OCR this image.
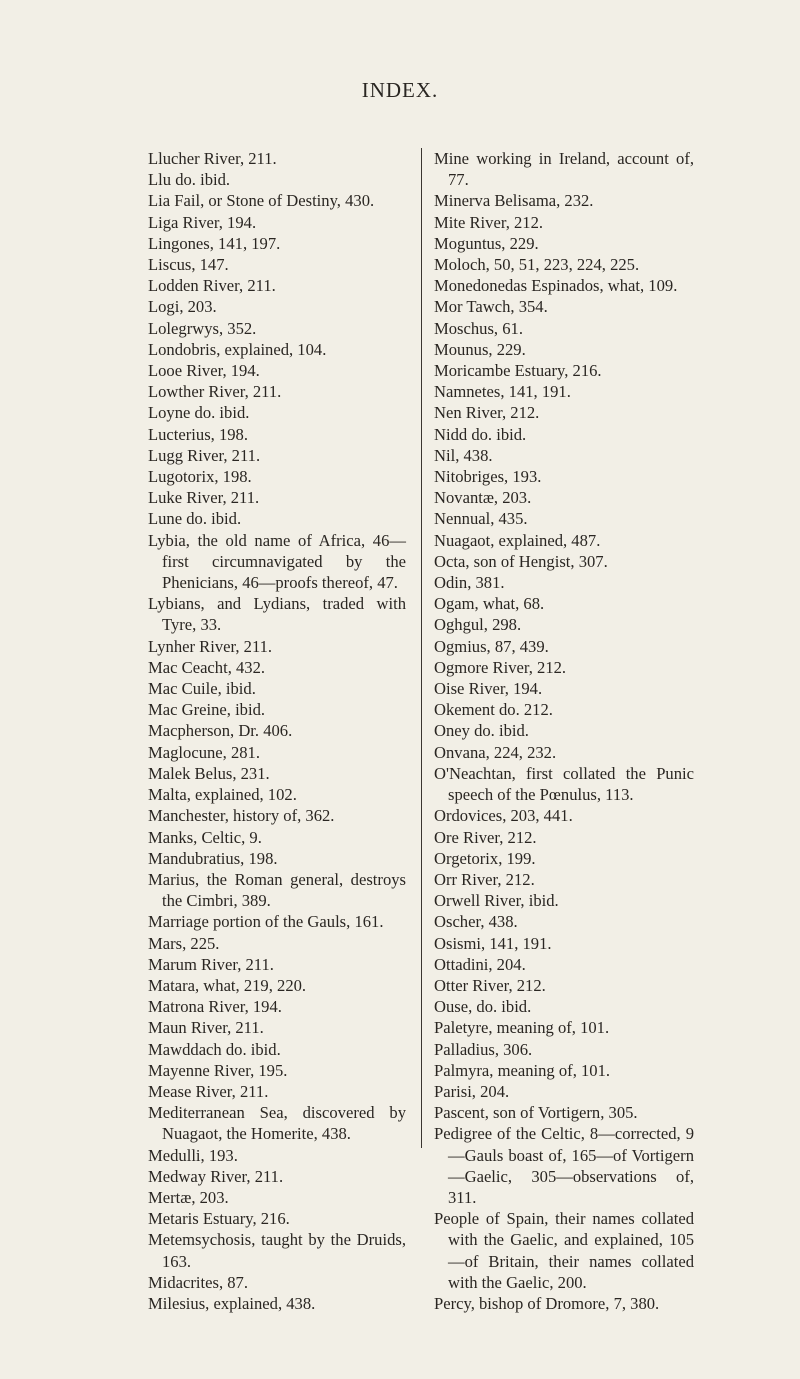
INDEX.
Llucher River, 211.
Llu do. ibid.
Lia Fail, or Stone of Destiny, 430.
Liga River, 194.
Lingones, 141, 197.
Liscus, 147.
Lodden River, 211.
Logi, 203.
Lolegrwys, 352.
Londobris, explained, 104.
Looe River, 194.
Lowther River, 211.
Loyne do. ibid.
Lucterius, 198.
Lugg River, 211.
Lugotorix, 198.
Luke River, 211.
Lune do. ibid.
Lybia, the old name of Africa, 46—first circumnavigated by the Phenicians, 46—proofs thereof, 47.
Lybians, and Lydians, traded with Tyre, 33.
Lynher River, 211.
Mac Ceacht, 432.
Mac Cuile, ibid.
Mac Greine, ibid.
Macpherson, Dr. 406.
Maglocune, 281.
Malek Belus, 231.
Malta, explained, 102.
Manchester, history of, 362.
Manks, Celtic, 9.
Mandubratius, 198.
Marius, the Roman general, destroys the Cimbri, 389.
Marriage portion of the Gauls, 161.
Mars, 225.
Marum River, 211.
Matara, what, 219, 220.
Matrona River, 194.
Maun River, 211.
Mawddach do. ibid.
Mayenne River, 195.
Mease River, 211.
Mediterranean Sea, discovered by Nuagaot, the Homerite, 438.
Medulli, 193.
Medway River, 211.
Mertæ, 203.
Metaris Estuary, 216.
Metemsychosis, taught by the Druids, 163.
Midacrites, 87.
Milesius, explained, 438.
Mine working in Ireland, account of, 77.
Minerva Belisama, 232.
Mite River, 212.
Moguntus, 229.
Moloch, 50, 51, 223, 224, 225.
Monedonedas Espinados, what, 109.
Mor Tawch, 354.
Moschus, 61.
Mounus, 229.
Moricambe Estuary, 216.
Namnetes, 141, 191.
Nen River, 212.
Nidd do. ibid.
Nil, 438.
Nitobriges, 193.
Novantæ, 203.
Nennual, 435.
Nuagaot, explained, 487.
Octa, son of Hengist, 307.
Odin, 381.
Ogam, what, 68.
Oghgul, 298.
Ogmius, 87, 439.
Ogmore River, 212.
Oise River, 194.
Okement do. 212.
Oney do. ibid.
Onvana, 224, 232.
O'Neachtan, first collated the Punic speech of the Pœnulus, 113.
Ordovices, 203, 441.
Ore River, 212.
Orgetorix, 199.
Orr River, 212.
Orwell River, ibid.
Oscher, 438.
Osismi, 141, 191.
Ottadini, 204.
Otter River, 212.
Ouse, do. ibid.
Paletyre, meaning of, 101.
Palladius, 306.
Palmyra, meaning of, 101.
Parisi, 204.
Pascent, son of Vortigern, 305.
Pedigree of the Celtic, 8—corrected, 9—Gauls boast of, 165—of Vortigern—Gaelic, 305—observations of, 311.
People of Spain, their names collated with the Gaelic, and explained, 105—of Britain, their names collated with the Gaelic, 200.
Percy, bishop of Dromore, 7, 380.
